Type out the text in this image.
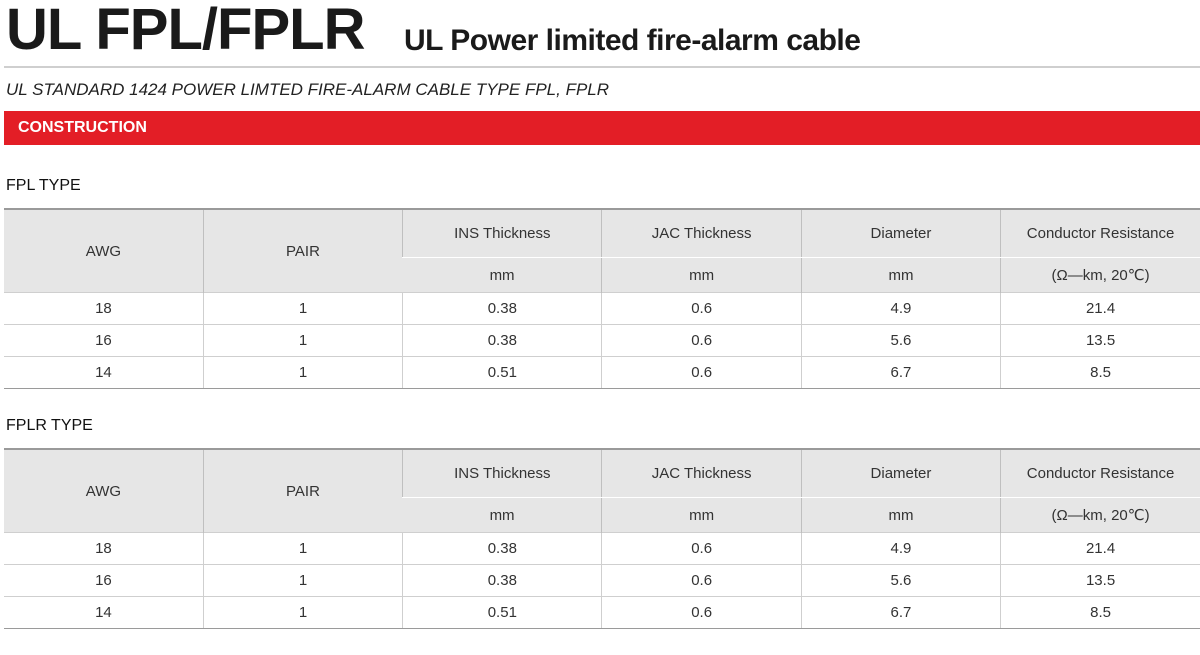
UL FPL/FPLR UL Power limited fire-alarm cable
UL STANDARD 1424 POWER LIMTED FIRE-ALARM CABLE TYPE FPL, FPLR
CONSTRUCTION
FPL TYPE
AWG	PAIR	INS Thickness	JAC Thickness	Diameter	Conductor Resistance
		mm	mm	mm	(Ω—km, 20℃)
18	1	0.38	0.6	4.9	21.4
16	1	0.38	0.6	5.6	13.5
14	1	0.51	0.6	6.7	8.5
FPLR TYPE
AWG	PAIR	INS Thickness	JAC Thickness	Diameter	Conductor Resistance
		mm	mm	mm	(Ω—km, 20℃)
18	1	0.38	0.6	4.9	21.4
16	1	0.38	0.6	5.6	13.5
14	1	0.51	0.6	6.7	8.5
